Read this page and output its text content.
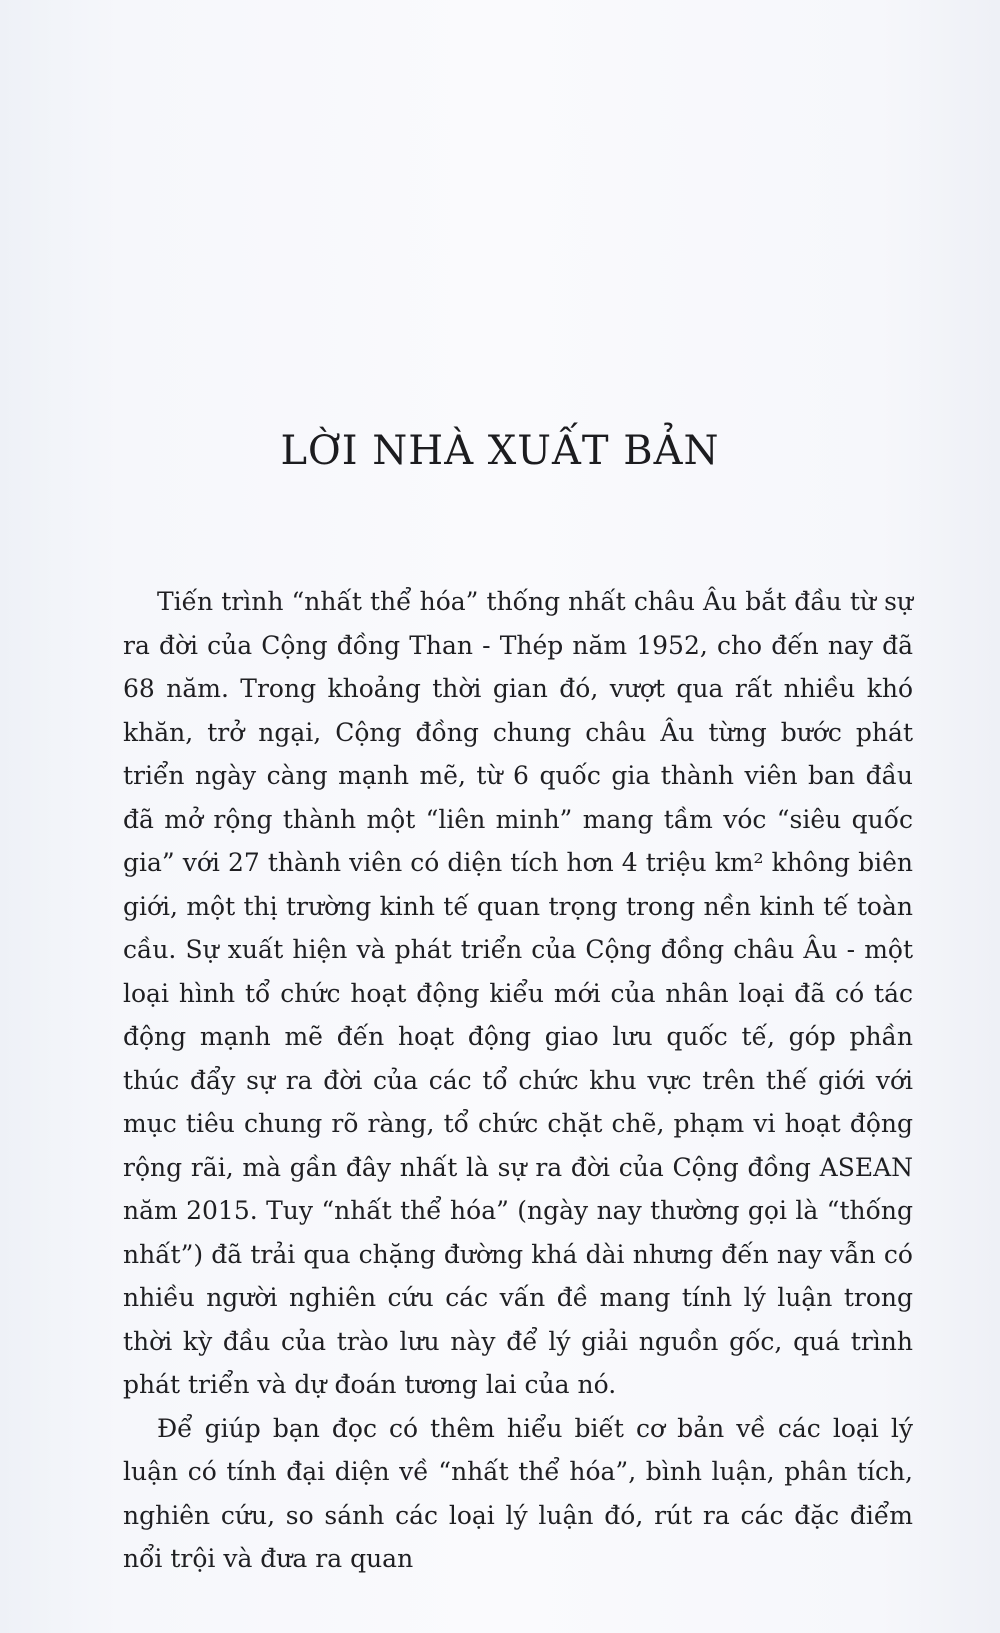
LỜI NHÀ XUẤT BẢN

Tiến trình “nhất thể hóa” thống nhất châu Âu bắt đầu từ sự ra đời của Cộng đồng Than - Thép năm 1952, cho đến nay đã 68 năm. Trong khoảng thời gian đó, vượt qua rất nhiều khó khăn, trở ngại, Cộng đồng chung châu Âu từng bước phát triển ngày càng mạnh mẽ, từ 6 quốc gia thành viên ban đầu đã mở rộng thành một “liên minh” mang tầm vóc “siêu quốc gia” với 27 thành viên có diện tích hơn 4 triệu km² không biên giới, một thị trường kinh tế quan trọng trong nền kinh tế toàn cầu. Sự xuất hiện và phát triển của Cộng đồng châu Âu - một loại hình tổ chức hoạt động kiểu mới của nhân loại đã có tác động mạnh mẽ đến hoạt động giao lưu quốc tế, góp phần thúc đẩy sự ra đời của các tổ chức khu vực trên thế giới với mục tiêu chung rõ ràng, tổ chức chặt chẽ, phạm vi hoạt động rộng rãi, mà gần đây nhất là sự ra đời của Cộng đồng ASEAN năm 2015. Tuy “nhất thể hóa” (ngày nay thường gọi là “thống nhất”) đã trải qua chặng đường khá dài nhưng đến nay vẫn có nhiều người nghiên cứu các vấn đề mang tính lý luận trong thời kỳ đầu của trào lưu này để lý giải nguồn gốc, quá trình phát triển và dự đoán tương lai của nó.

Để giúp bạn đọc có thêm hiểu biết cơ bản về các loại lý luận có tính đại diện về “nhất thể hóa”, bình luận, phân tích, nghiên cứu, so sánh các loại lý luận đó, rút ra các đặc điểm nổi trội và đưa ra quan
